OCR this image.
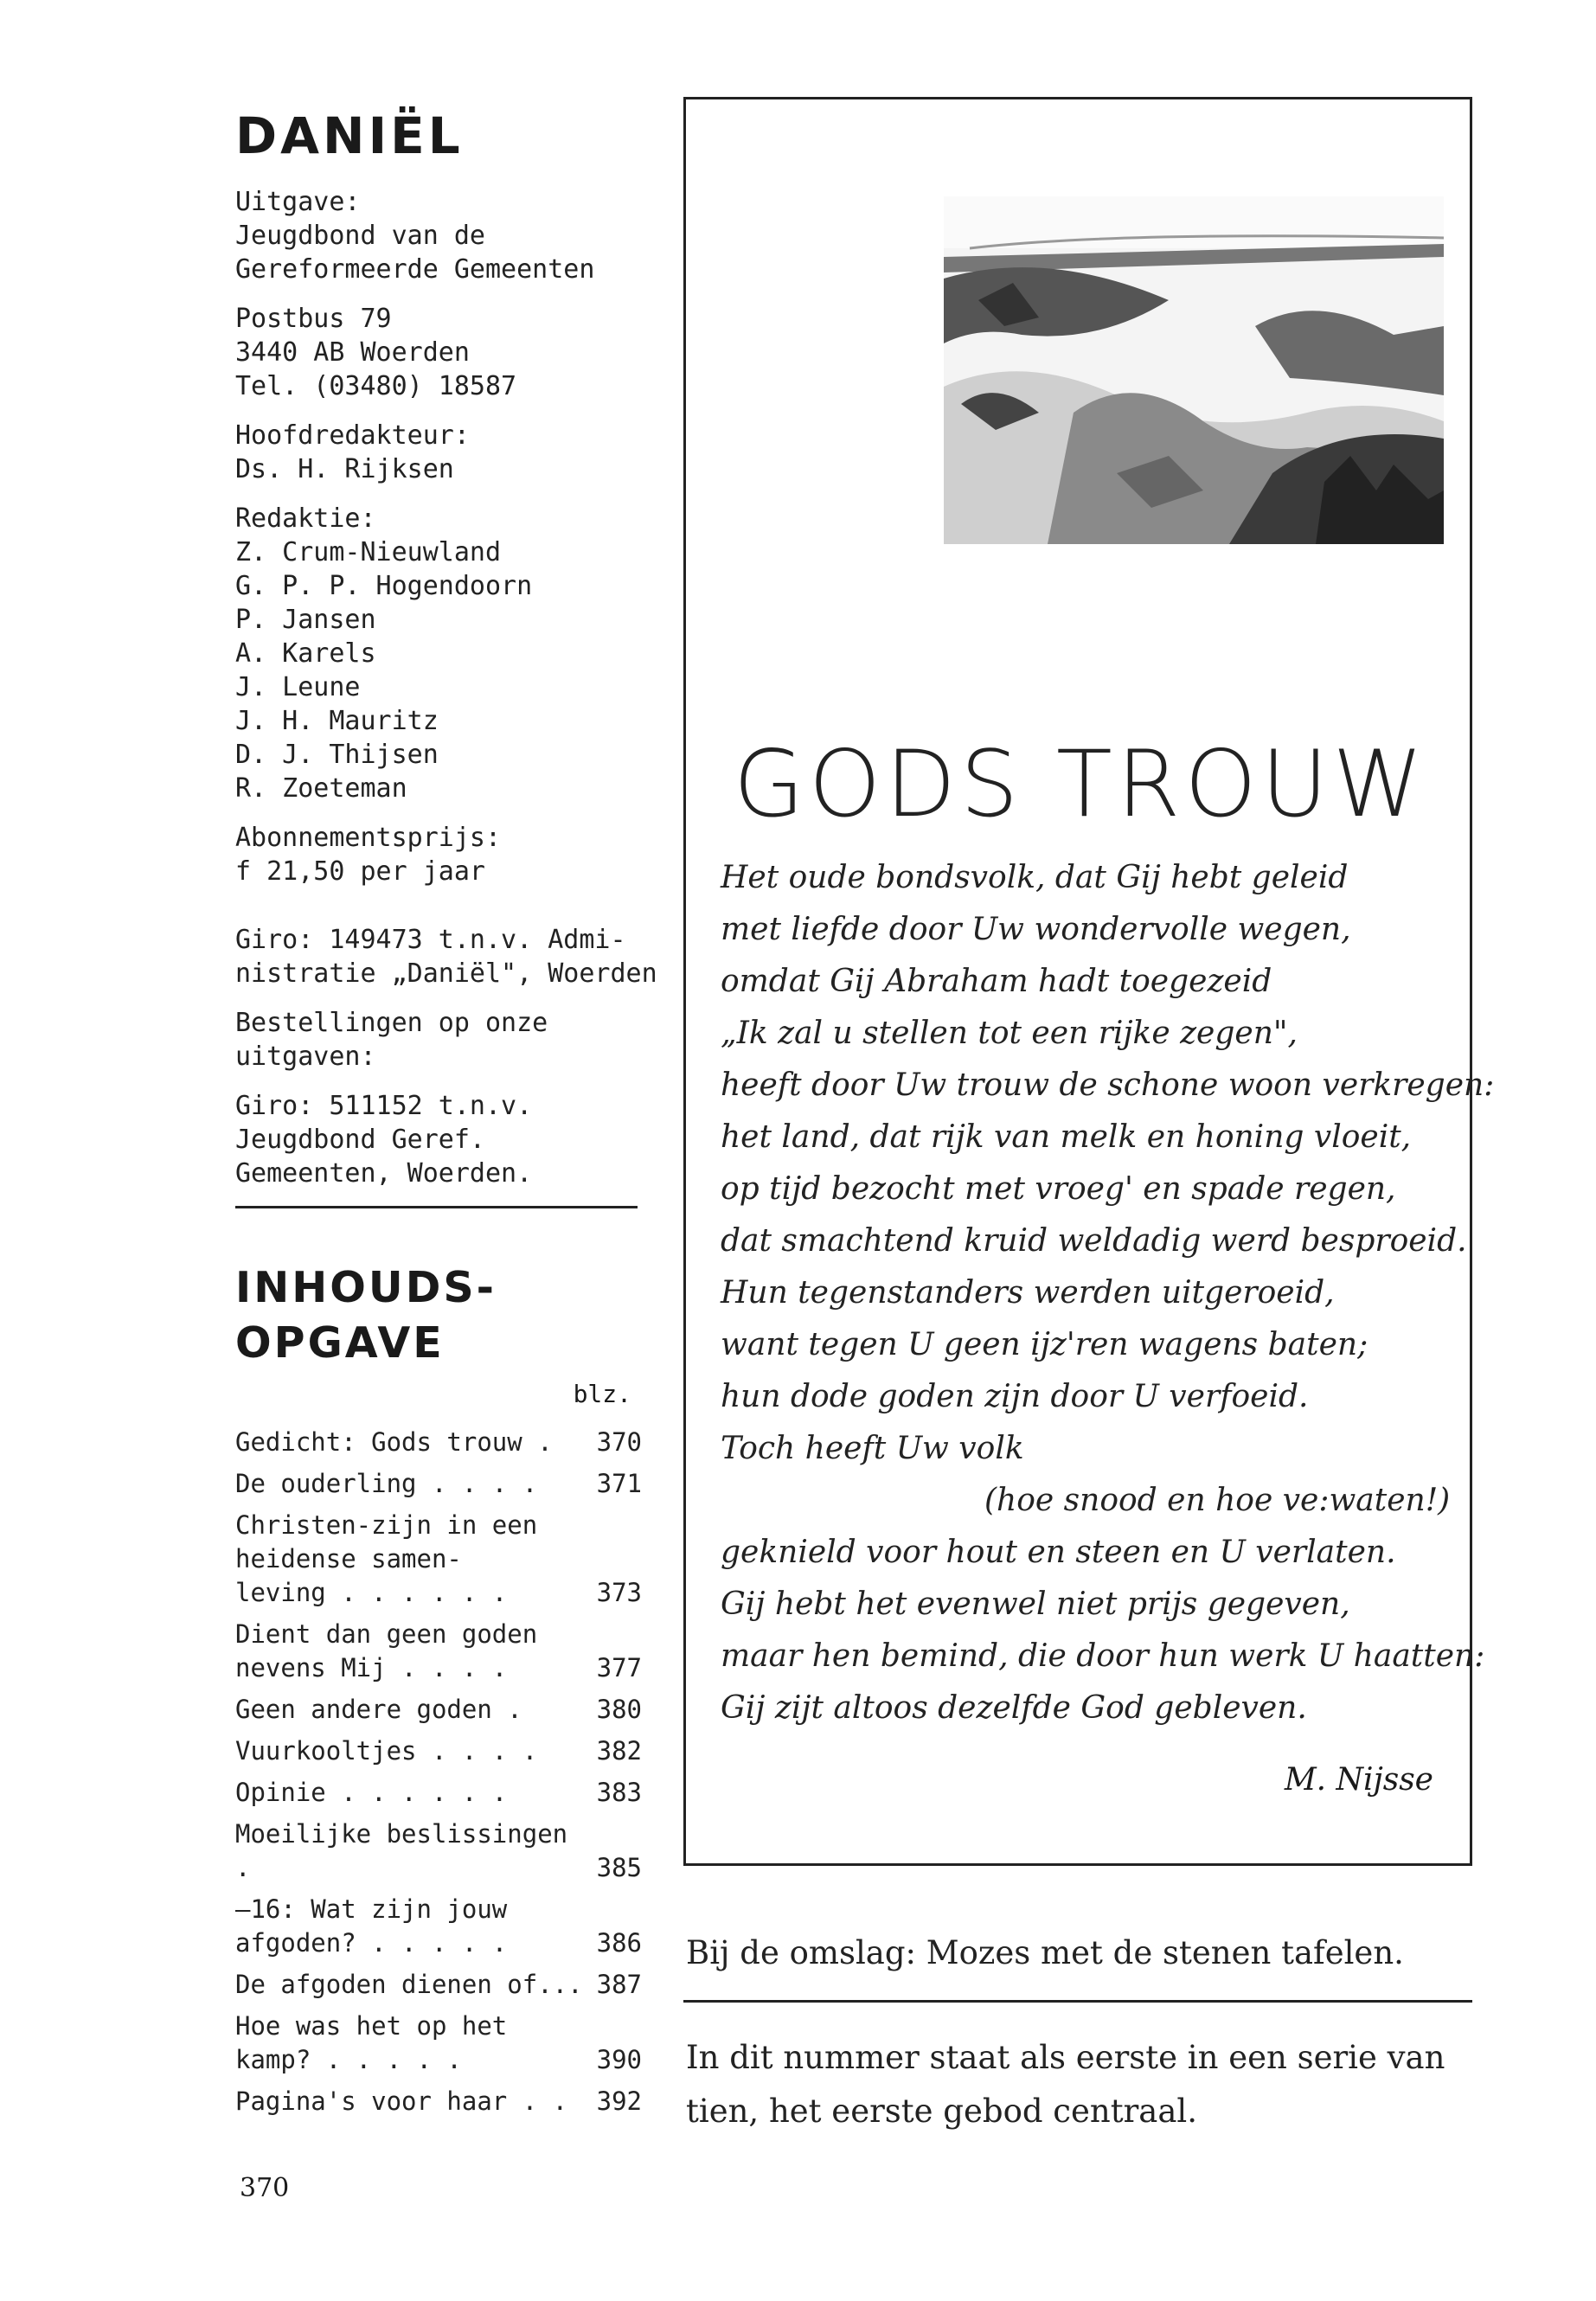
DANIËL
Uitgave:
Jeugdbond van de
Gereformeerde Gemeenten
Postbus 79
3440 AB Woerden
Tel. (03480) 18587
Hoofdredakteur:
Ds. H. Rijksen
Redaktie:
Z. Crum-Nieuwland
G. P. P. Hogendoorn
P. Jansen
A. Karels
J. Leune
J. H. Mauritz
D. J. Thijsen
R. Zoeteman
Abonnementsprijs:
f 21,50 per jaar
Giro: 149473 t.n.v. Admi-
nistratie „Daniël", Woerden
Bestellingen op onze
uitgaven:
Giro: 511152 t.n.v.
Jeugdbond Geref.
Gemeenten, Woerden.
INHOUDS-
OPGAVE
blz.
Gedicht: Gods trouw .	370
De ouderling . . . .	371
Christen-zijn in een
heidense samen-
leving . . . . . .	373
Dient dan geen goden
nevens Mij . . . .	377
Geen andere goden .	380
Vuurkooltjes . . . .	382
Opinie . . . . . .	383
Moeilijke beslissingen .	385
—16: Wat zijn jouw
afgoden? . . . . .	386
De afgoden dienen of... 387
Hoe was het op het
kamp? . . . . .	390
Pagina's voor haar . .	392
370
GODS TROUW
Het oude bondsvolk, dat Gij hebt geleid
met liefde door Uw wondervolle wegen,
omdat Gij Abraham hadt toegezeid
„Ik zal u stellen tot een rijke zegen",
heeft door Uw trouw de schone woon verkregen:
het land, dat rijk van melk en honing vloeit,
op tijd bezocht met vroeg' en spade regen,
dat smachtend kruid weldadig werd besproeid.
Hun tegenstanders werden uitgeroeid,
want tegen U geen ijz'ren wagens baten;
hun dode goden zijn door U verfoeid.
Toch heeft Uw volk
(hoe snood en hoe ve:waten!)
geknield voor hout en steen en U verlaten.
Gij hebt het evenwel niet prijs gegeven,
maar hen bemind, die door hun werk U haatten:
Gij zijt altoos dezelfde God gebleven.
M. Nijsse
Bij de omslag: Mozes met de stenen tafelen.
In dit nummer staat als eerste in een serie van tien, het eerste gebod centraal.
